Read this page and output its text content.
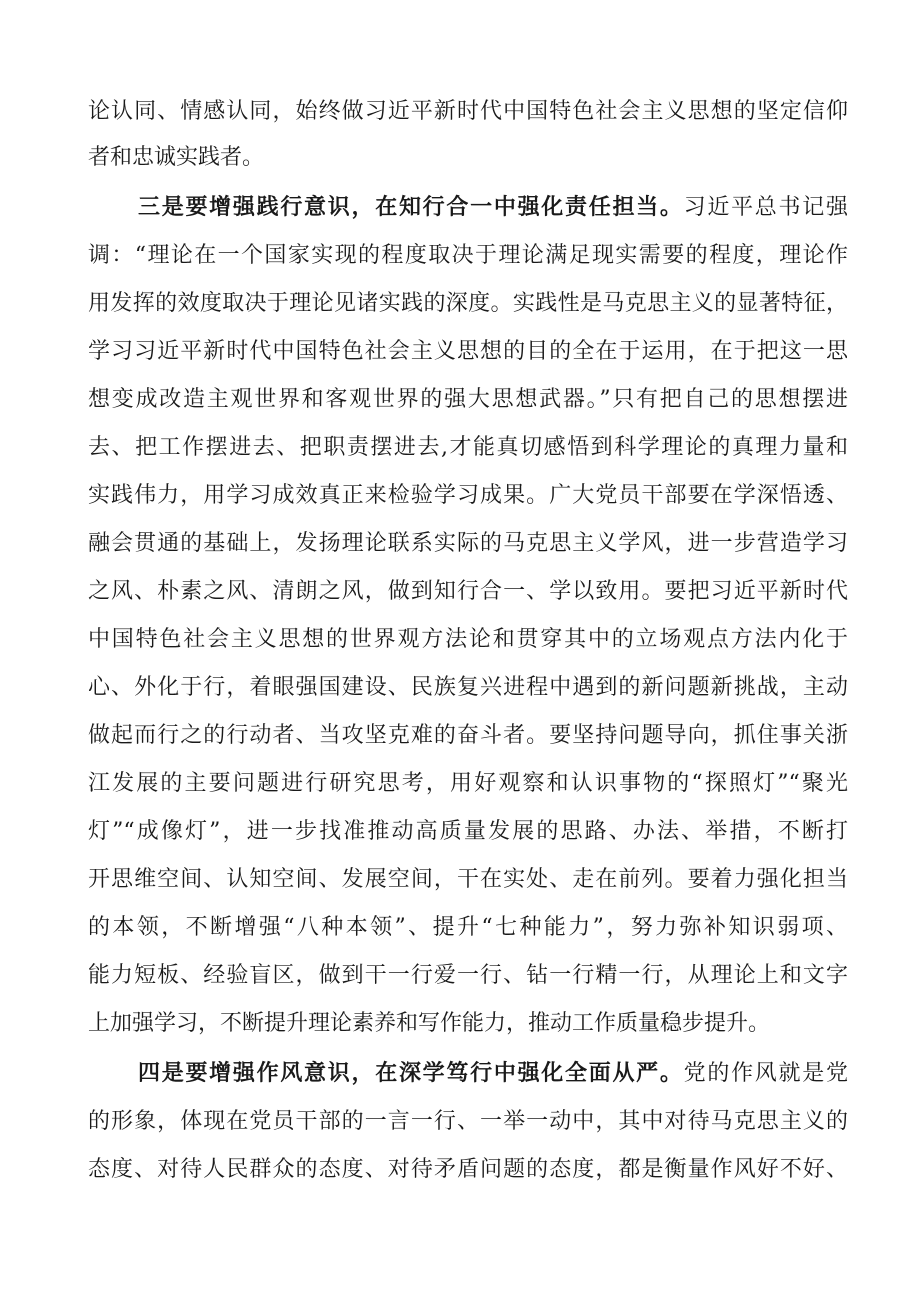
论认同、情感认同，始终做习近平新时代中国特色社会主义思想的坚定信仰

者和忠诚实践者。

三是要增强践行意识，在知行合一中强化责任担当。习近平总书记强

调：“理论在一个国家实现的程度取决于理论满足现实需要的程度，理论作

用发挥的效度取决于理论见诸实践的深度。实践性是马克思主义的显著特征，

学习习近平新时代中国特色社会主义思想的目的全在于运用，在于把这一思

想变成改造主观世界和客观世界的强大思想武器。”只有把自己的思想摆进

去、把工作摆进去、把职责摆进去,才能真切感悟到科学理论的真理力量和

实践伟力，用学习成效真正来检验学习成果。广大党员干部要在学深悟透、

融会贯通的基础上，发扬理论联系实际的马克思主义学风，进一步营造学习

之风、朴素之风、清朗之风，做到知行合一、学以致用。要把习近平新时代

中国特色社会主义思想的世界观方法论和贯穿其中的立场观点方法内化于

心、外化于行，着眼强国建设、民族复兴进程中遇到的新问题新挑战，主动

做起而行之的行动者、当攻坚克难的奋斗者。要坚持问题导向，抓住事关浙

江发展的主要问题进行研究思考，用好观察和认识事物的“探照灯”“聚光

灯”“成像灯”，进一步找准推动高质量发展的思路、办法、举措，不断打

开思维空间、认知空间、发展空间，干在实处、走在前列。要着力强化担当

的本领，不断增强“八种本领”、提升“七种能力”，努力弥补知识弱项、

能力短板、经验盲区，做到干一行爱一行、钻一行精一行，从理论上和文字

上加强学习，不断提升理论素养和写作能力，推动工作质量稳步提升。

四是要增强作风意识，在深学笃行中强化全面从严。党的作风就是党

的形象，体现在党员干部的一言一行、一举一动中，其中对待马克思主义的

态度、对待人民群众的态度、对待矛盾问题的态度，都是衡量作风好不好、
